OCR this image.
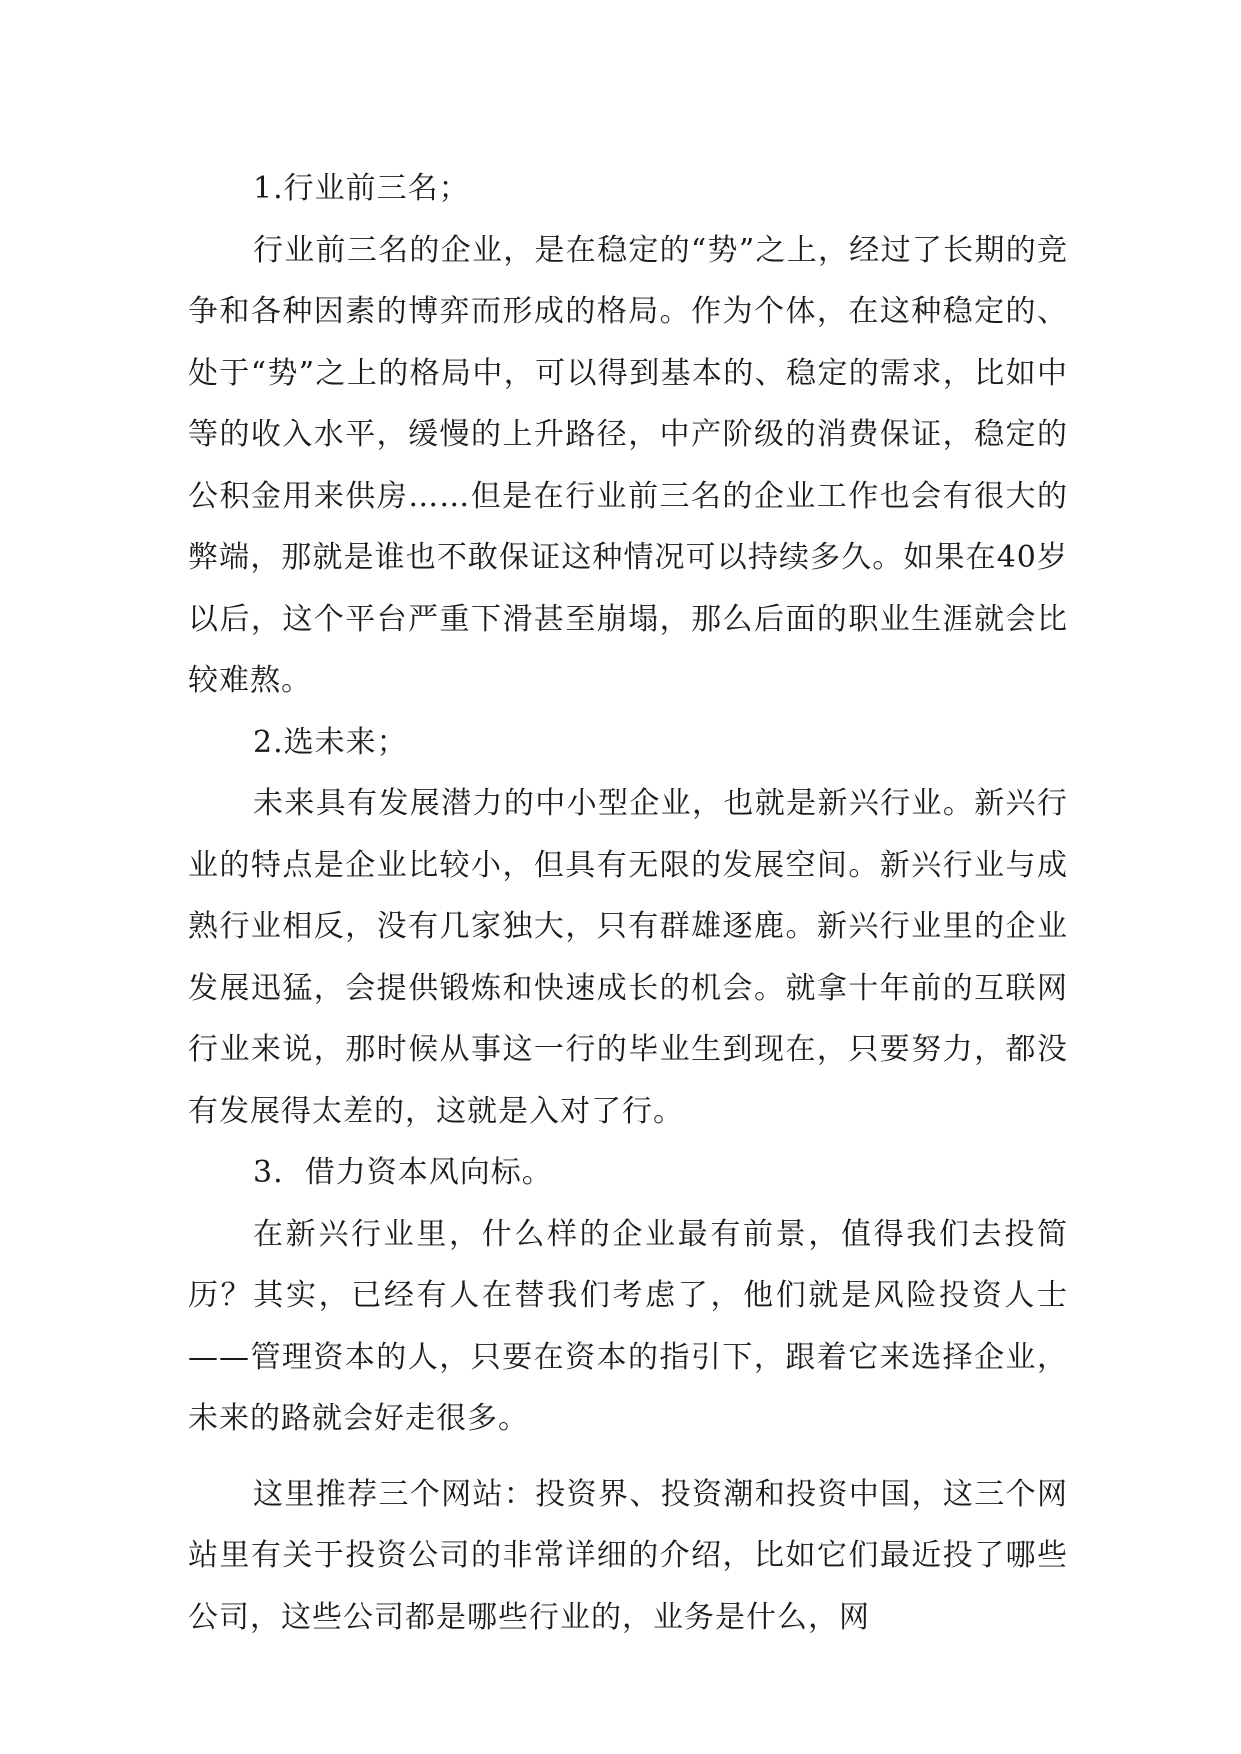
1.行业前三名；

行业前三名的企业，是在稳定的“势”之上，经过了长期的竞争和各种因素的博弈而形成的格局。作为个体，在这种稳定的、处于“势”之上的格局中，可以得到基本的、稳定的需求，比如中等的收入水平，缓慢的上升路径，中产阶级的消费保证，稳定的公积金用来供房……但是在行业前三名的企业工作也会有很大的弊端，那就是谁也不敢保证这种情况可以持续多久。如果在40岁以后，这个平台严重下滑甚至崩塌，那么后面的职业生涯就会比较难熬。

2.选未来；

未来具有发展潜力的中小型企业，也就是新兴行业。新兴行业的特点是企业比较小，但具有无限的发展空间。新兴行业与成熟行业相反，没有几家独大，只有群雄逐鹿。新兴行业里的企业发展迅猛，会提供锻炼和快速成长的机会。就拿十年前的互联网行业来说，那时候从事这一行的毕业生到现在，只要努力，都没有发展得太差的，这就是入对了行。

3.  借力资本风向标。

在新兴行业里，什么样的企业最有前景，值得我们去投简历？其实，已经有人在替我们考虑了，他们就是风险投资人士——管理资本的人，只要在资本的指引下，跟着它来选择企业，未来的路就会好走很多。

这里推荐三个网站：投资界、投资潮和投资中国，这三个网站里有关于投资公司的非常详细的介绍，比如它们最近投了哪些公司，这些公司都是哪些行业的，业务是什么，网
